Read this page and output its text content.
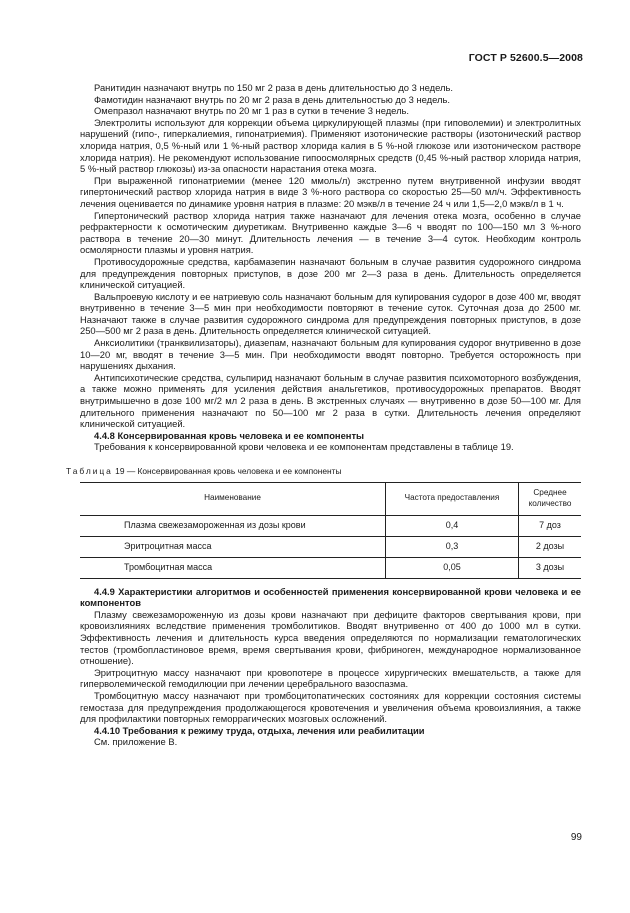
ГОСТ Р 52600.5—2008

Ранитидин назначают внутрь по 150 мг 2 раза в день длительностью до 3 недель.

Фамотидин назначают внутрь по 20 мг 2 раза в день длительностью до 3 недель.

Омепразол назначают внутрь по 20 мг 1 раз в сутки в течение 3 недель.

Электролиты используют для коррекции объема циркулирующей плазмы (при гиповолемии) и электролитных нарушений (гипо-, гиперкалиемия, гипонатриемия). Применяют изотонические растворы (изотонический раствор хлорида натрия, 0,5 %-ный или 1 %-ный раствор хлорида калия в 5 %-ной глюкозе или изотоническом растворе хлорида натрия). Не рекомендуют использование гипоосмолярных средств (0,45 %-ный раствор хлорида натрия, 5 %-ный раствор глюкозы) из-за опасности нарастания отека мозга.

При выраженной гипонатриемии (менее 120 ммоль/л) экстренно путем внутривенной инфузии вводят гипертонический раствор хлорида натрия в виде 3 %-ного раствора со скоростью 25—50 мл/ч. Эффективность лечения оценивается по динамике уровня натрия в плазме: 20 мэкв/л в течение 24 ч или 1,5—2,0 мэкв/л в 1 ч.

Гипертонический раствор хлорида натрия также назначают для лечения отека мозга, особенно в случае рефрактерности к осмотическим диуретикам. Внутривенно каждые 3—6 ч вводят по 100—150 мл 3 %-ного раствора в течение 20—30 минут. Длительность лечения — в течение 3—4 суток. Необходим контроль осмолярности плазмы и уровня натрия.

Противосудорожные средства, карбамазепин назначают больным в случае развития судорожного синдрома для предупреждения повторных приступов, в дозе 200 мг 2—3 раза в день. Длительность определяется клинической ситуацией.

Вальпроевую кислоту и ее натриевую соль назначают больным для купирования судорог в дозе 400 мг, вводят внутривенно в течение 3—5 мин при необходимости повторяют в течение суток. Суточная доза до 2500 мг. Назначают также в случае развития судорожного синдрома для предупреждения повторных приступов, в дозе 250—500 мг 2 раза в день. Длительность определяется клинической ситуацией.

Анксиолитики (транквилизаторы), диазепам, назначают больным для купирования судорог внутривенно в дозе 10—20 мг, вводят в течение 3—5 мин. При необходимости вводят повторно. Требуется осторожность при нарушениях дыхания.

Антипсихотические средства, сульпирид назначают больным в случае развития психомоторного возбуждения, а также можно применять для усиления действия анальгетиков, противосудорожных препаратов. Вводят внутримышечно в дозе 100 мг/2 мл 2 раза в день. В экстренных случаях — внутривенно в дозе 50—100 мг. Для длительного применения назначают по 50—100 мг 2 раза в сутки. Длительность лечения определяют клинической ситуацией.

4.4.8 Консервированная кровь человека и ее компоненты

Требования к консервированной крови человека и ее компонентам представлены в таблице 19.

Таблица 19 — Консервированная кровь человека и ее компоненты
Наименование	Частота предоставления	Среднее количество
Плазма свежезамороженная из дозы крови	0,4	7 доз
Эритроцитная масса	0,3	2 дозы
Тромбоцитная масса	0,05	3 дозы

4.4.9 Характеристики алгоритмов и особенностей применения консервированной крови человека и ее компонентов

Плазму свежезамороженную из дозы крови назначают при дефиците факторов свертывания крови, при кровоизлияниях вследствие применения тромболитиков. Вводят внутривенно от 400 до 1000 мл в сутки. Эффективность лечения и длительность курса введения определяются по нормализации гематологических тестов (тромбопластиновое время, время свертывания крови, фибриноген, международное нормализованное отношение).

Эритроцитную массу назначают при кровопотере в процессе хирургических вмешательств, а также для гиперволемической гемодилюции при лечении церебрального вазоспазма.

Тромбоцитную массу назначают при тромбоцитопатических состояниях для коррекции состояния системы гемостаза для предупреждения продолжающегося кровотечения и увеличения объема кровоизлияния, а также для профилактики повторных геморрагических мозговых осложнений.

4.4.10 Требования к режиму труда, отдыха, лечения или реабилитации

См. приложение В.

99
